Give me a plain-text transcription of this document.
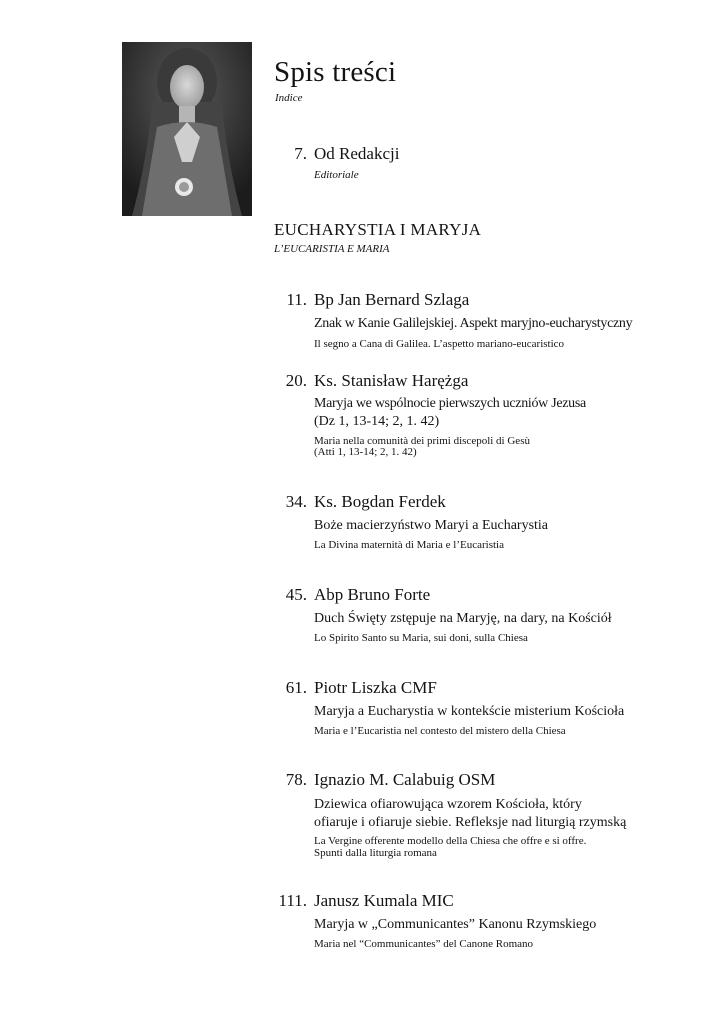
Spis treści
Indice
7. Od Redakcji
Editoriale
EUCHARYSTIA I MARYJA
L’EUCARISTIA E MARIA
11. Bp Jan Bernard Szlaga
Znak w Kanie Galilejskiej. Aspekt maryjno-eucharystyczny
Il segno a Cana di Galilea. L’aspetto mariano-eucaristico
20. Ks. Stanisław Harężga
Maryja we wspólnocie pierwszych uczniów Jezusa
(Dz 1, 13-14; 2, 1. 42)
Maria nella comunità dei primi discepoli di Gesù
(Atti 1, 13-14; 2, 1. 42)
34. Ks. Bogdan Ferdek
Boże macierzyństwo Maryi a Eucharystia
La Divina maternità di Maria e l’Eucaristia
45. Abp Bruno Forte
Duch Święty zstępuje na Maryję, na dary, na Kościół
Lo Spirito Santo su Maria, sui doni, sulla Chiesa
61. Piotr Liszka CMF
Maryja a Eucharystia w kontekście misterium Kościoła
Maria e l’Eucaristia nel contesto del mistero della Chiesa
78. Ignazio M. Calabuig OSM
Dziewica ofiarowująca wzorem Kościoła, który
ofiaruje i ofiaruje siebie. Refleksje nad liturgią rzymską
La Vergine offerente modello della Chiesa che offre e si offre.
Spunti dalla liturgia romana
111. Janusz Kumala MIC
Maryja w „Communicantes” Kanonu Rzymskiego
Maria nel “Communicantes” del Canone Romano
